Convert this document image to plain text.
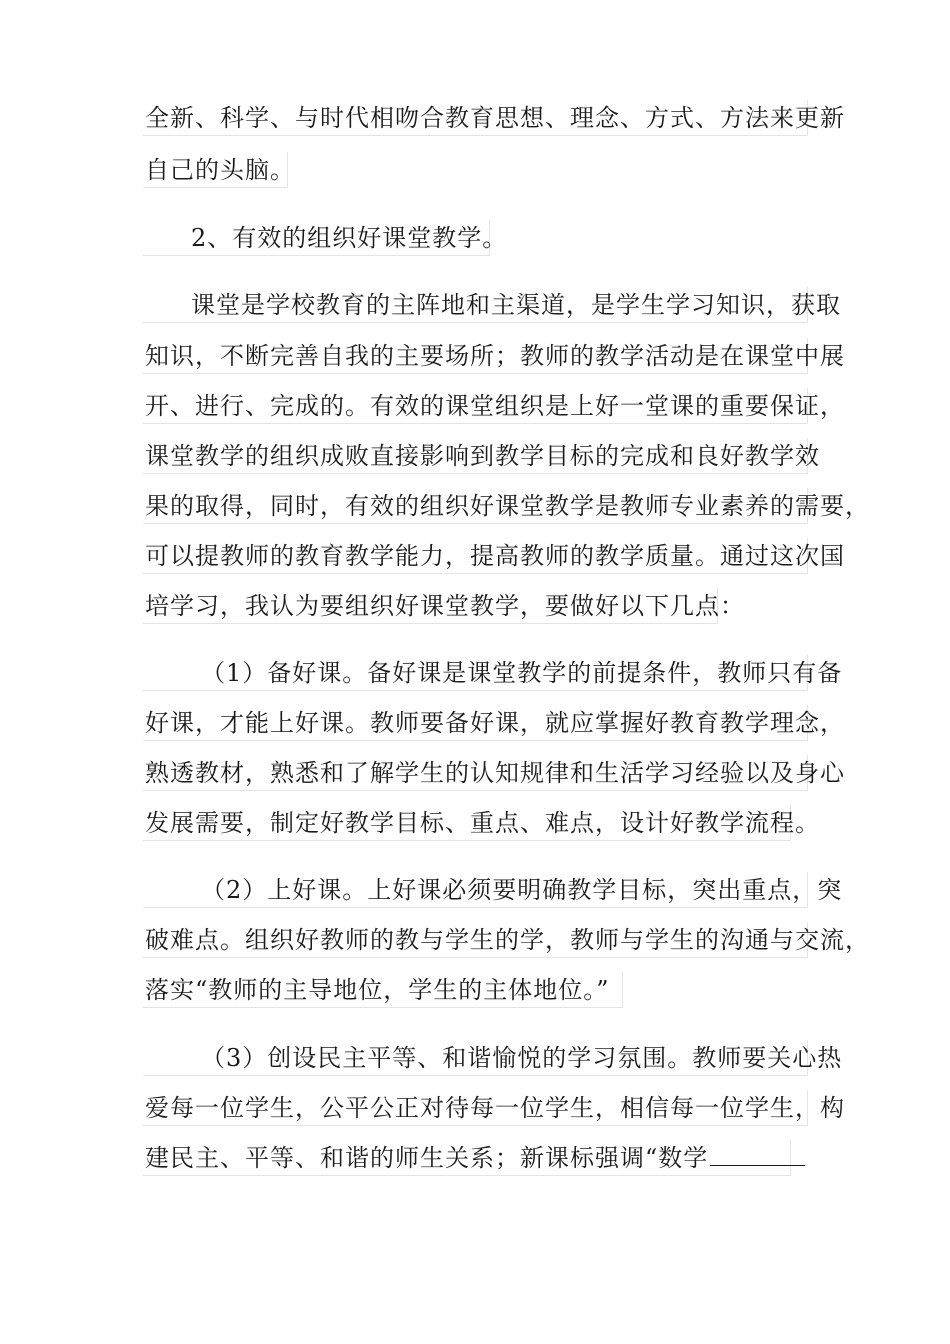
全新、科学、与时代相吻合教育思想、理念、方式、方法来更新
自己的头脑。
2、有效的组织好课堂教学。
课堂是学校教育的主阵地和主渠道，是学生学习知识，获取
知识，不断完善自我的主要场所；教师的教学活动是在课堂中展
开、进行、完成的。有效的课堂组织是上好一堂课的重要保证，
课堂教学的组织成败直接影响到教学目标的完成和良好教学效
果的取得，同时，有效的组织好课堂教学是教师专业素养的需要，
可以提教师的教育教学能力，提高教师的教学质量。通过这次国
培学习，我认为要组织好课堂教学，要做好以下几点：
（1）备好课。备好课是课堂教学的前提条件，教师只有备
好课，才能上好课。教师要备好课，就应掌握好教育教学理念，
熟透教材，熟悉和了解学生的认知规律和生活学习经验以及身心
发展需要，制定好教学目标、重点、难点，设计好教学流程。
（2）上好课。上好课必须要明确教学目标，突出重点，突
破难点。组织好教师的教与学生的学，教师与学生的沟通与交流，
落实“教师的主导地位，学生的主体地位。”
（3）创设民主平等、和谐愉悦的学习氛围。教师要关心热
爱每一位学生，公平公正对待每一位学生，相信每一位学生，构
建民主、平等、和谐的师生关系；新课标强调“数学
